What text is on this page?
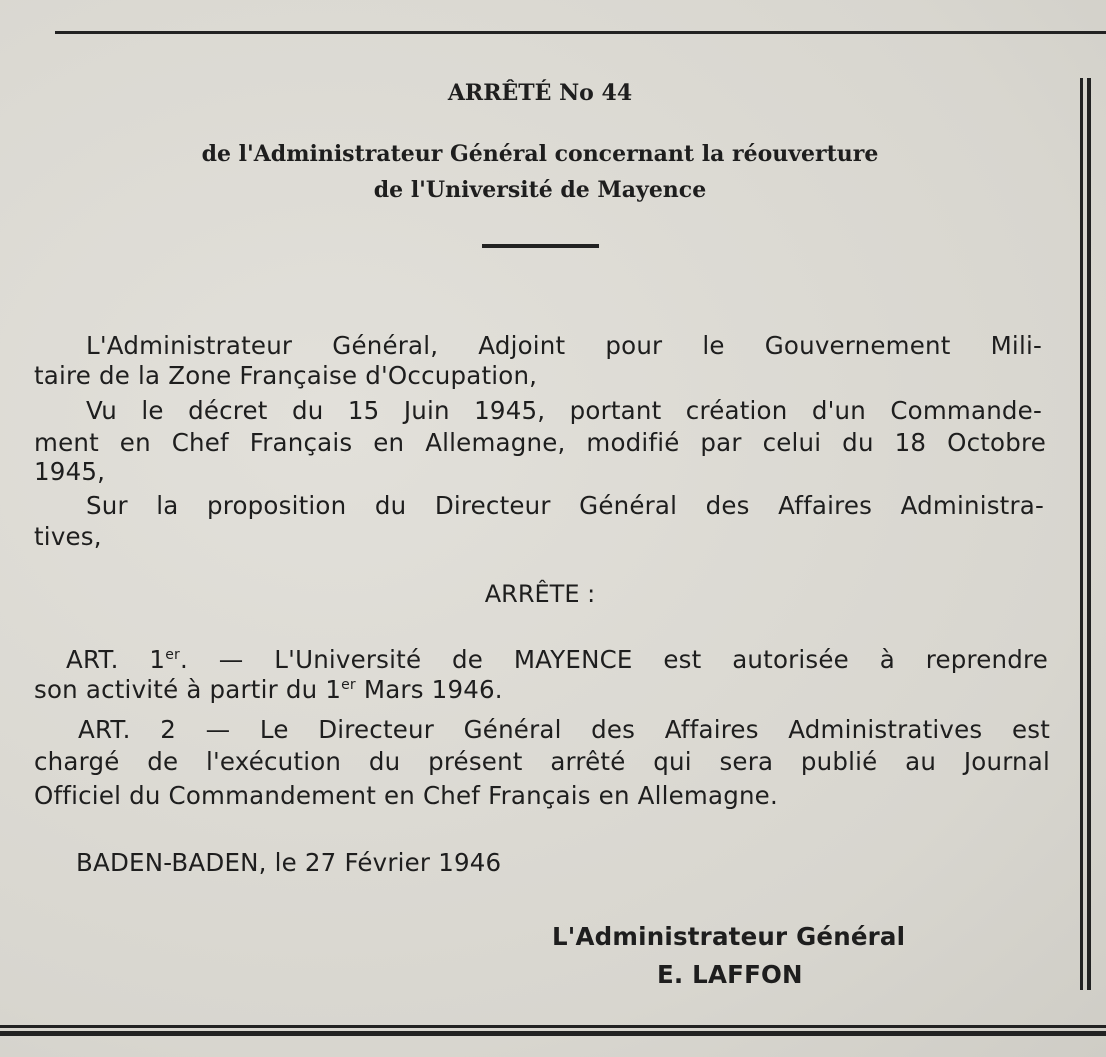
ARRÊTÉ No 44
de l'Administrateur Général concernant la réouverture
de l'Université de Mayence
L'Administrateur Général, Adjoint pour le Gouvernement Mili-
taire de la Zone Française d'Occupation,
Vu le décret du 15 Juin 1945, portant création d'un Commande-
ment en Chef Français en Allemagne, modifié par celui du 18 Octobre
1945,
Sur la proposition du Directeur Général des Affaires Administra-
tives,
ARRÊTE :
ART. 1er. — L'Université de MAYENCE est autorisée à reprendre
son activité à partir du 1er Mars 1946.
ART. 2 — Le Directeur Général des Affaires Administratives est
chargé de l'exécution du présent arrêté qui sera publié au Journal
Officiel du Commandement en Chef Français en Allemagne.
BADEN-BADEN, le 27 Février 1946
L'Administrateur Général
E. LAFFON
